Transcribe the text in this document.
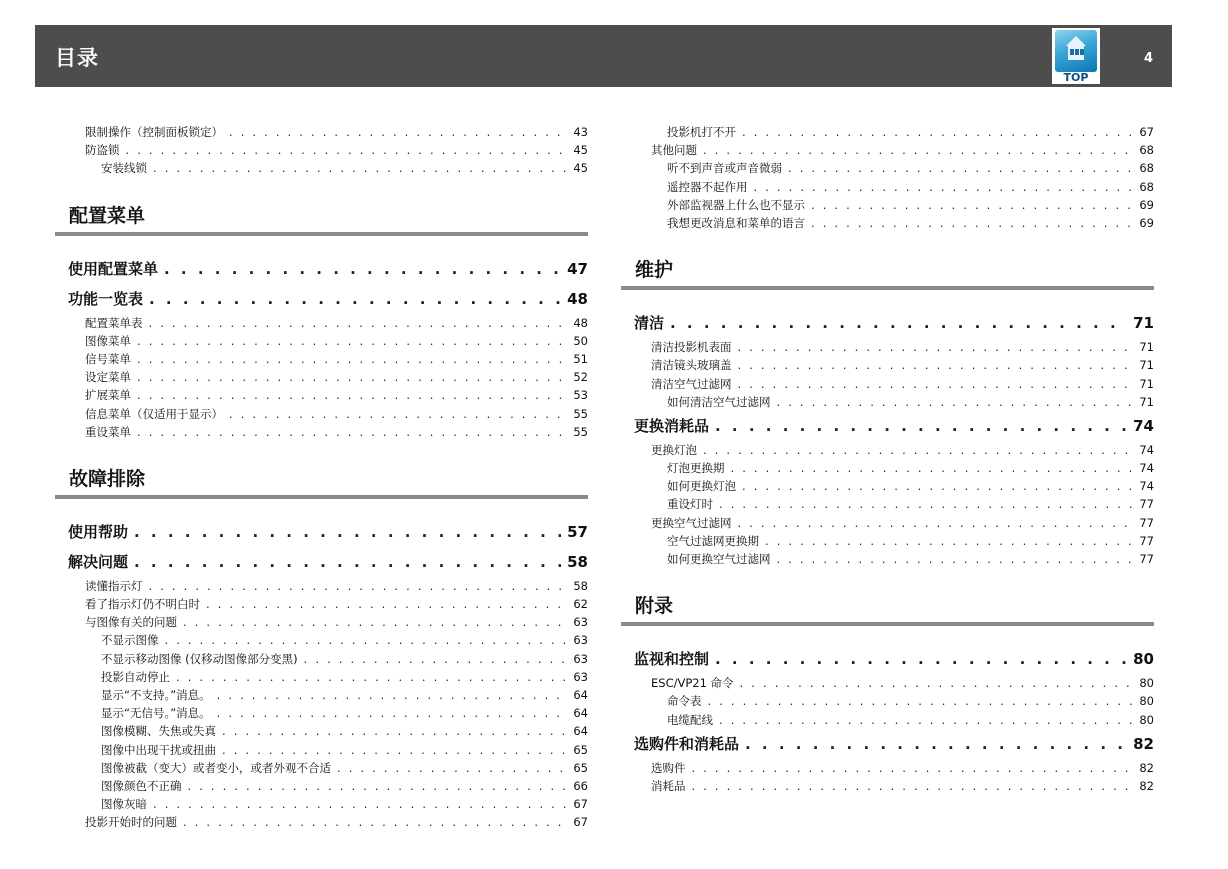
目录
TOP
4
限制操作（控制面板锁定） . . .	43
防盗锁 . . .	45
安装线锁 . . .	45
配置菜单
使用配置菜单 . . .	47
功能一览表 . . .	48
配置菜单表 . . .	48
图像菜单 . . .	50
信号菜单 . . .	51
设定菜单 . . .	52
扩展菜单 . . .	53
信息菜单（仅适用于显示） . . .	55
重设菜单 . . .	55
故障排除
使用帮助 . . .	57
解决问题 . . .	58
读懂指示灯 . . .	58
看了指示灯仍不明白时 . . .	62
与图像有关的问题 . . .	63
不显示图像 . . .	63
不显示移动图像 (仅移动图像部分变黑) . . .	63
投影自动停止 . . .	63
显示“不支持。”消息。 . . .	64
显示“无信号。”消息。 . . .	64
图像模糊、失焦或失真 . . .	64
图像中出现干扰或扭曲 . . .	65
图像被截（变大）或者变小，或者外观不合适 . . .	65
图像颜色不正确 . . .	66
图像灰暗 . . .	67
投影开始时的问题 . . .	67
投影机打不开 . . .	67
其他问题 . . .	68
听不到声音或声音微弱 . . .	68
遥控器不起作用 . . .	68
外部监视器上什么也不显示 . . .	69
我想更改消息和菜单的语言 . . .	69
维护
清洁 . . .	71
清洁投影机表面 . . .	71
清洁镜头玻璃盖 . . .	71
清洁空气过滤网 . . .	71
如何清洁空气过滤网 . . .	71
更换消耗品 . . .	74
更换灯泡 . . .	74
灯泡更换期 . . .	74
如何更换灯泡 . . .	74
重设灯时 . . .	77
更换空气过滤网 . . .	77
空气过滤网更换期 . . .	77
如何更换空气过滤网 . . .	77
附录
监视和控制 . . .	80
ESC/VP21 命令 . . .	80
命令表 . . .	80
电缆配线 . . .	80
选购件和消耗品 . . .	82
选购件 . . .	82
消耗品 . . .	82
